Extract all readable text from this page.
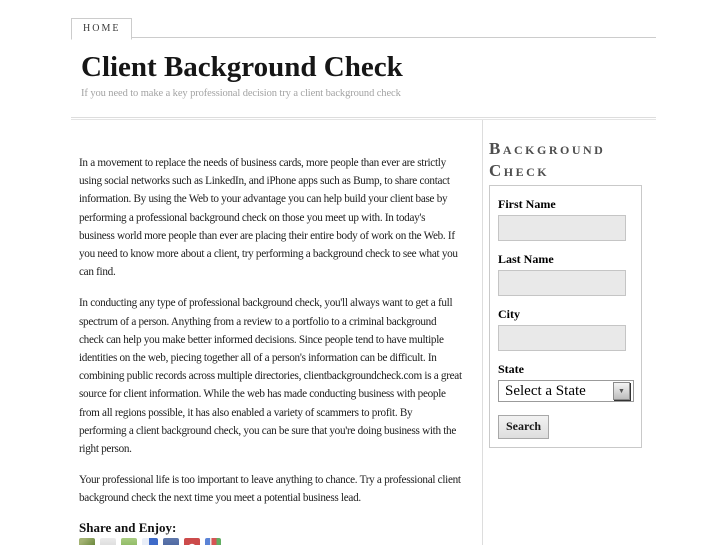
HOME
Client Background Check
If you need to make a key professional decision try a client background check

In a movement to replace the needs of business cards, more people than ever are strictly using social networks such as LinkedIn, and iPhone apps such as Bump, to share contact information. By using the Web to your advantage you can help build your client base by performing a professional background check on those you meet up with. In today's business world more people than ever are placing their entire body of work on the Web. If you need to know more about a client, try performing a background check to see what you can find.

In conducting any type of professional background check, you'll always want to get a full spectrum of a person. Anything from a review to a portfolio to a criminal background check can help you make better informed decisions. Since people tend to have multiple identities on the web, piecing together all of a person's information can be difficult. In combining public records across multiple directories, clientbackgroundcheck.com is a great source for client information. While the web has made conducting business with people from all regions possible, it has also enabled a variety of scammers to profit. By performing a client background check, you can be sure that you're doing business with the right person.

Your professional life is too important to leave anything to chance. Try a professional client background check the next time you meet a potential business lead.

Share and Enjoy:
Background Check
First Name
Last Name
City
State
Select a State	▼
Search
